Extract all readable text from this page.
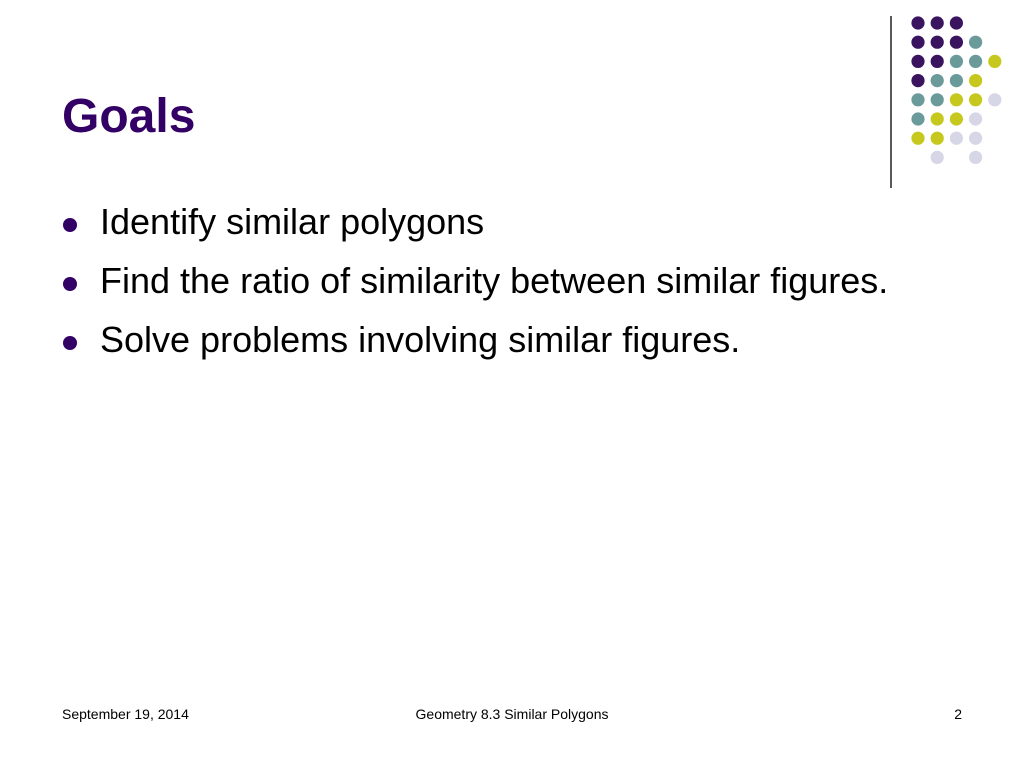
Goals
Identify similar polygons
Find the ratio of similarity between similar figures.
Solve problems involving similar figures.
September 19, 2014	Geometry 8.3 Similar Polygons	2
